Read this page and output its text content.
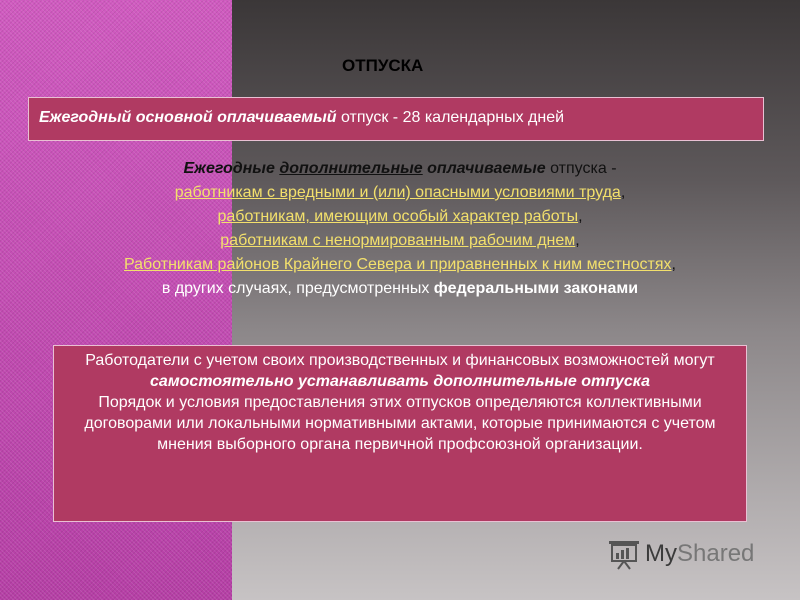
ОТПУСКА
Ежегодный основной оплачиваемый отпуск - 28 календарных дней
Ежегодные дополнительные оплачиваемые отпуска -
работникам с вредными и (или) опасными условиями труда,
работникам, имеющим особый характер работы,
работникам с ненормированным рабочим днем,
Работникам районов Крайнего Севера и приравненных к ним местностях,
в других случаях, предусмотренных федеральными законами
Работодатели с учетом своих производственных и финансовых возможностей могут самостоятельно устанавливать дополнительные отпуска
Порядок и условия предоставления этих отпусков определяются коллективными договорами или локальными нормативными актами, которые принимаются с учетом мнения выборного органа первичной профсоюзной организации.
MyShared
